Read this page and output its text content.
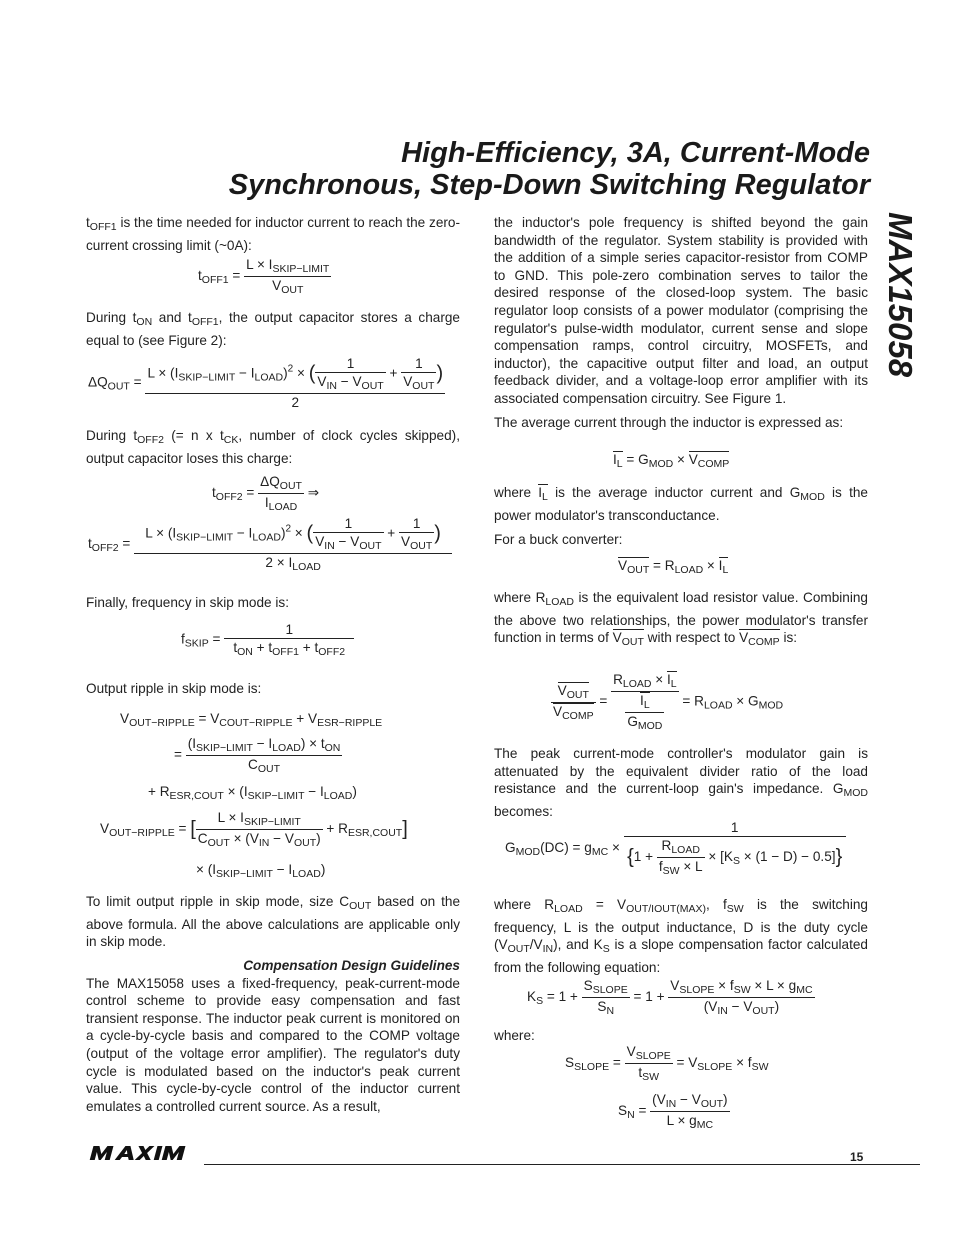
High-Efficiency, 3A, Current-Mode
Synchronous, Step-Down Switching Regulator
MAX15058

$t_{OFF1}$ is the time needed for inductor current to reach the zero-current crossing limit (~0A):

$t_{OFF1} = \frac{L \times I_{SKIP-LIMIT}}{V_{OUT}}$

During $t_{ON}$ and $t_{OFF1}$, the output capacitor stores a charge equal to (see Figure 2):

$\Delta Q_{OUT} = \frac{L \times (I_{SKIP-LIMIT} - I_{LOAD})^2 \times ( \frac{1}{V_{IN} - V_{OUT}} + \frac{1}{V_{OUT}} )}{2}$

During $t_{OFF2}$ (= n x $t_{CK}$, number of clock cycles skipped), output capacitor loses this charge:

$t_{OFF2} = \frac{\Delta Q_{OUT}}{I_{LOAD}}$ ⇒
$t_{OFF2} = \frac{L \times (I_{SKIP-LIMIT} - I_{LOAD})^2 \times ( \frac{1}{V_{IN} - V_{OUT}} + \frac{1}{V_{OUT}} )}{2 \times I_{LOAD}}$

Finally, frequency in skip mode is:

$f_{SKIP} = \frac{1}{t_{ON} + t_{OFF1} + t_{OFF2}}$

Output ripple in skip mode is:

$V_{OUT-RIPPLE} = V_{COUT-RIPPLE} + V_{ESR-RIPPLE}$
= $\frac{(I_{SKIP-LIMIT} - I_{LOAD}) \times t_{ON}}{C_{OUT}}$
+ $R_{ESR,COUT} \times (I_{SKIP-LIMIT} - I_{LOAD})$
$V_{OUT-RIPPLE}$ = [ $\frac{L \times I_{SKIP-LIMIT}}{C_{OUT} \times (V_{IN} - V_{OUT})} + R_{ESR,COUT}$]
× $(I_{SKIP-LIMIT} - I_{LOAD})$

To limit output ripple in skip mode, size $C_{OUT}$ based on the above formula. All the above calculations are applicable only in skip mode.

Compensation Design Guidelines

The MAX15058 uses a fixed-frequency, peak-current-mode control scheme to provide easy compensation and fast transient response. The inductor peak current is monitored on a cycle-by-cycle basis and compared to the COMP voltage (output of the voltage error amplifier). The regulator's duty cycle is modulated based on the inductor's peak current value. This cycle-by-cycle control of the inductor current emulates a controlled current source. As a result,

the inductor's pole frequency is shifted beyond the gain bandwidth of the regulator. System stability is provided with the addition of a simple series capacitor-resistor from COMP to GND. This pole-zero combination serves to tailor the desired response of the closed-loop system. The basic regulator loop consists of a power modulator (comprising the regulator's pulse-width modulator, current sense and slope compensation ramps, control circuitry, MOSFETs, and inductor), the capacitive output filter and load, an output feedback divider, and a voltage-loop error amplifier with its associated compensation circuitry. See Figure 1.

The average current through the inductor is expressed as:

$I_L = G_{MOD} \times V_{COMP}$

where $I_L$ is the average inductor current and $G_{MOD}$ is the power modulator's transconductance.

For a buck converter:

$V_{OUT} = R_{LOAD} \times I_L$

where $R_{LOAD}$ is the equivalent load resistor value. Combining the above two relationships, the power modulator's transfer function in terms of $V_{OUT}$ with respect to $V_{COMP}$ is:

$\frac{V_{OUT}}{V_{COMP}} = \frac{R_{LOAD} \times I_L}{\frac{I_L}{G_{MOD}}} = R_{LOAD} \times G_{MOD}$

The peak current-mode controller's modulator gain is attenuated by the equivalent divider ratio of the load resistance and the current-loop gain's impedance. $G_{MOD}$ becomes:

$G_{MOD}(DC) = g_{MC} \times \frac{1}{\{1 + \frac{R_{LOAD}}{f_{SW} \times L} \times [K_S \times (1 - D) - 0.5]\}}$

where $R_{LOAD} = V_{OUT/IOUT(MAX)}$, $f_{SW}$ is the switching frequency, L is the output inductance, D is the duty cycle $(V_{OUT}/V_{IN})$, and $K_S$ is a slope compensation factor calculated from the following equation:

$K_S = 1 + \frac{S_{SLOPE}}{S_N} = 1 + \frac{V_{SLOPE} \times f_{SW} \times L \times g_{MC}}{(V_{IN} - V_{OUT})}$

where:

$S_{SLOPE} = \frac{V_{SLOPE}}{t_{SW}} = V_{SLOPE} \times f_{SW}$
$S_N = \frac{(V_{IN} - V_{OUT})}{L \times g_{MC}}$
15
